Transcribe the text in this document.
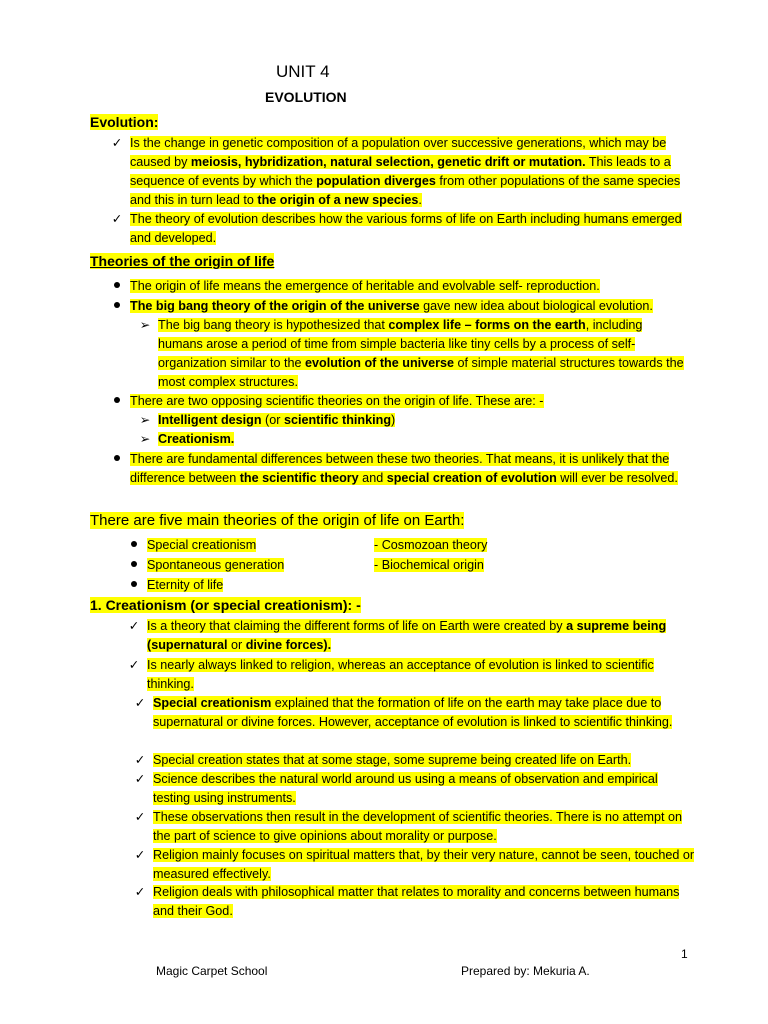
UNIT 4
EVOLUTION
Evolution:
✓ Is the change in genetic composition of a population over successive generations, which may be caused by meiosis, hybridization, natural selection, genetic drift or mutation. This leads to a sequence of events by which the population diverges from other populations of the same species and this in turn lead to the origin of a new species.
✓ The theory of evolution describes how the various forms of life on Earth including humans emerged and developed.
Theories of the origin of life
The origin of life means the emergence of heritable and evolvable self- reproduction.
The big bang theory of the origin of the universe gave new idea about biological evolution.
➢ The big bang theory is hypothesized that complex life – forms on the earth, including humans arose a period of time from simple bacteria like tiny cells by a process of self-organization similar to the evolution of the universe of simple material structures towards the most complex structures.
There are two opposing scientific theories on the origin of life. These are: -
➢ Intelligent design (or scientific thinking)
➢ Creationism.
There are fundamental differences between these two theories. That means, it is unlikely that the difference between the scientific theory and special creation of evolution will ever be resolved.
There are five main theories of the origin of life on Earth:
Special creationism
Spontaneous generation
Eternity of life
- Cosmozoan theory
- Biochemical origin
1. Creationism (or special creationism): -
✓ Is a theory that claiming the different forms of life on Earth were created by a supreme being (supernatural or divine forces).
✓ Is nearly always linked to religion, whereas an acceptance of evolution is linked to scientific thinking.
✓ Special creationism explained that the formation of life on the earth may take place due to supernatural or divine forces. However, acceptance of evolution is linked to scientific thinking.
✓ Special creation states that at some stage, some supreme being created life on Earth.
✓ Science describes the natural world around us using a means of observation and empirical testing using instruments.
✓ These observations then result in the development of scientific theories. There is no attempt on the part of science to give opinions about morality or purpose.
✓ Religion mainly focuses on spiritual matters that, by their very nature, cannot be seen, touched or measured effectively.
✓ Religion deals with philosophical matter that relates to morality and concerns between humans and their God.
1
Magic Carpet School	Prepared by: Mekuria A.
